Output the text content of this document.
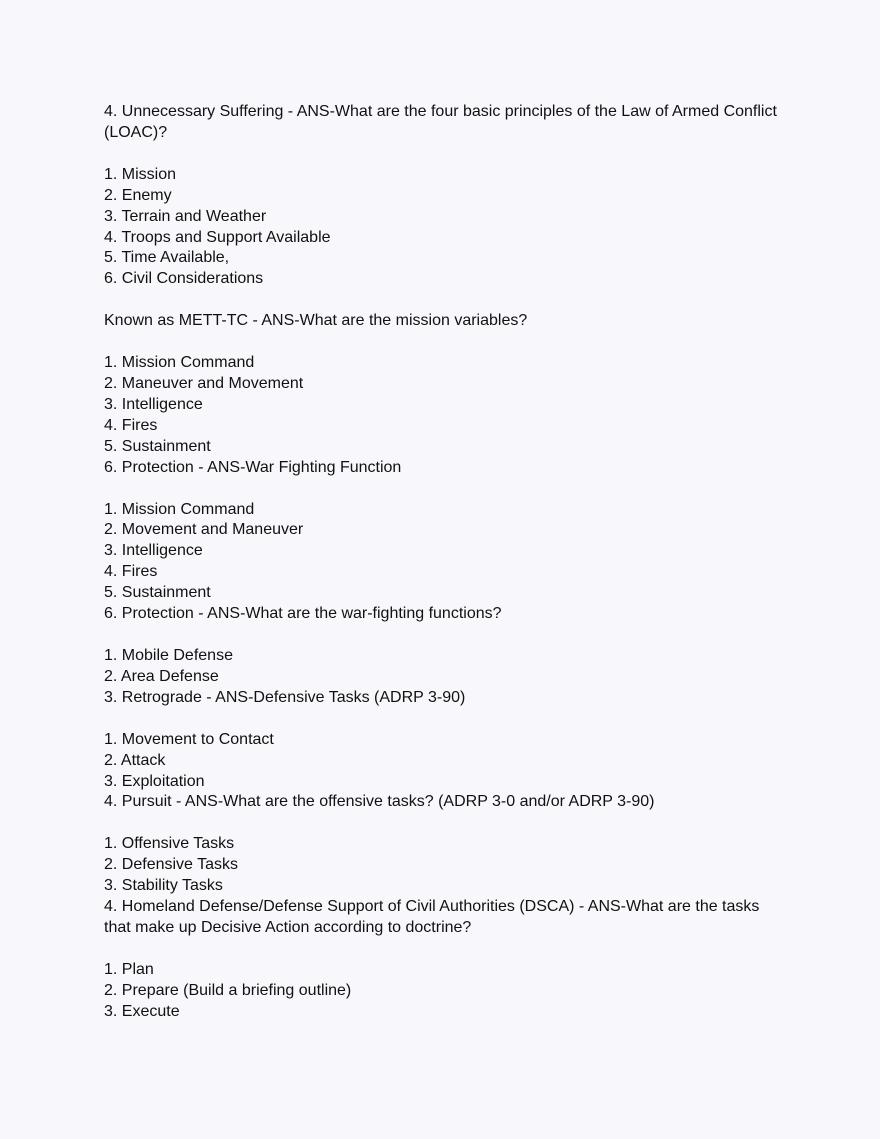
4. Unnecessary Suffering - ANS-What are the four basic principles of the Law of Armed Conflict
(LOAC)?
1. Mission
2. Enemy
3. Terrain and Weather
4. Troops and Support Available
5. Time Available,
6. Civil Considerations
Known as METT-TC - ANS-What are the mission variables?
1. Mission Command
2. Maneuver and Movement
3. Intelligence
4. Fires
5. Sustainment
6. Protection - ANS-War Fighting Function
1. Mission Command
2. Movement and Maneuver
3. Intelligence
4. Fires
5. Sustainment
6. Protection - ANS-What are the war-fighting functions?
1. Mobile Defense
2. Area Defense
3. Retrograde - ANS-Defensive Tasks (ADRP 3-90)
1. Movement to Contact
2. Attack
3. Exploitation
4. Pursuit - ANS-What are the offensive tasks? (ADRP 3-0 and/or ADRP 3-90)
1. Offensive Tasks
2. Defensive Tasks
3. Stability Tasks
4. Homeland Defense/Defense Support of Civil Authorities (DSCA) - ANS-What are the tasks
that make up Decisive Action according to doctrine?
1. Plan
2. Prepare (Build a briefing outline)
3. Execute
